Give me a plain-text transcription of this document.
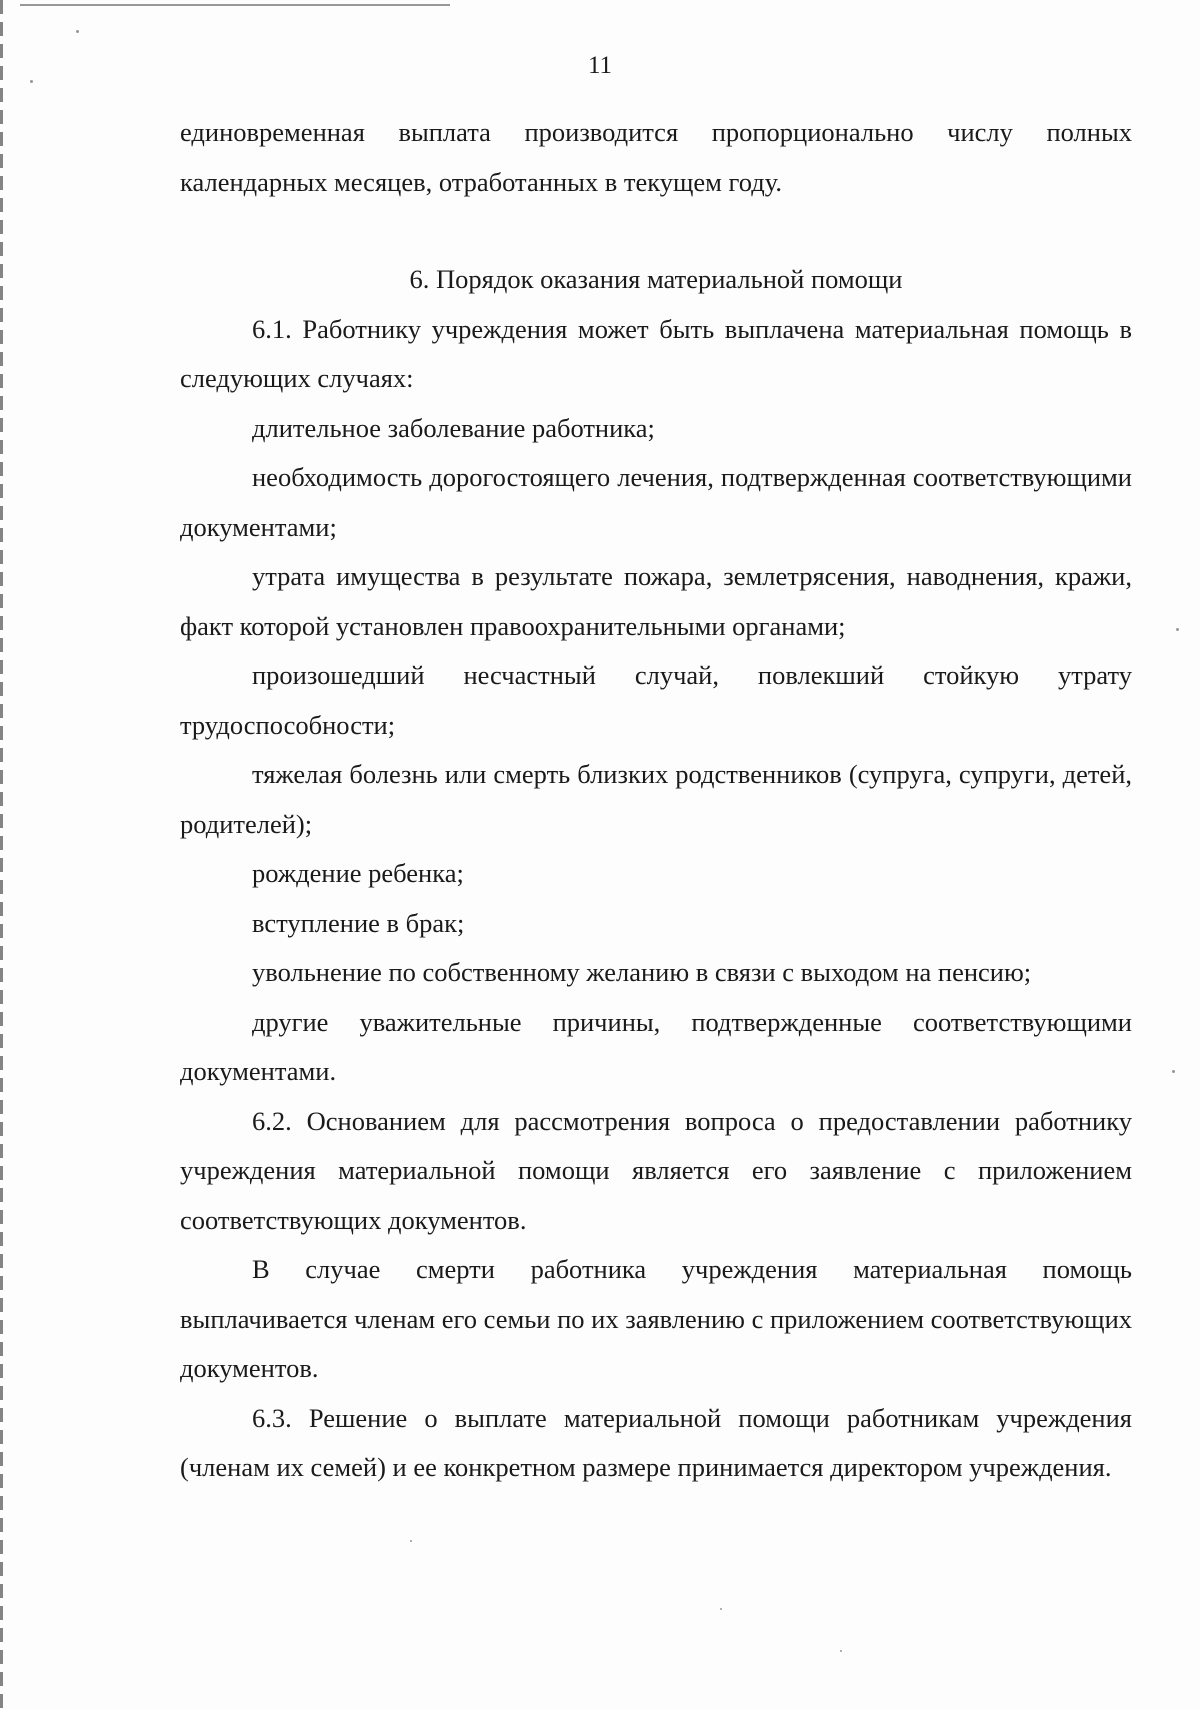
11

единовременная выплата производится пропорционально числу полных календарных месяцев, отработанных в текущем году.

6. Порядок оказания материальной помощи

6.1. Работнику учреждения может быть выплачена материальная помощь в следующих случаях:

длительное заболевание работника;

необходимость дорогостоящего лечения, подтвержденная соответствующими документами;

утрата имущества в результате пожара, землетрясения, наводнения, кражи, факт которой установлен правоохранительными органами;

произошедший несчастный случай, повлекший стойкую утрату трудоспособности;

тяжелая болезнь или смерть близких родственников (супруга, супруги, детей, родителей);

рождение ребенка;

вступление в брак;

увольнение по собственному желанию в связи с выходом на пенсию;

другие уважительные причины, подтвержденные соответствующими документами.

6.2. Основанием для рассмотрения вопроса о предоставлении работнику учреждения материальной помощи является его заявление с приложением соответствующих документов.

В случае смерти работника учреждения материальная помощь выплачивается членам его семьи по их заявлению с приложением соответствующих документов.

6.3. Решение о выплате материальной помощи работникам учреждения (членам их семей) и ее конкретном размере принимается директором учреждения.
